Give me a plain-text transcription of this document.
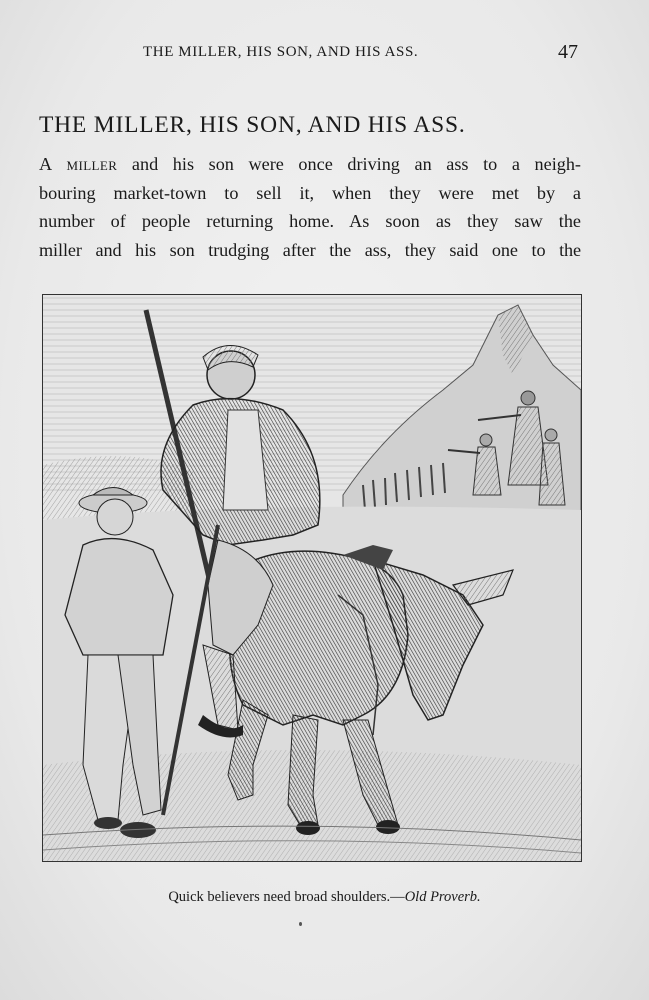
THE MILLER, HIS SON, AND HIS ASS.	47
THE MILLER, HIS SON, AND HIS ASS.
A miller and his son were once driving an ass to a neigh-
bouring market-town to sell it, when they were met by a
number of people returning home. As soon as they saw the
miller and his son trudging after the ass, they said one to the
Quick believers need broad shoulders.—Old Proverb.
